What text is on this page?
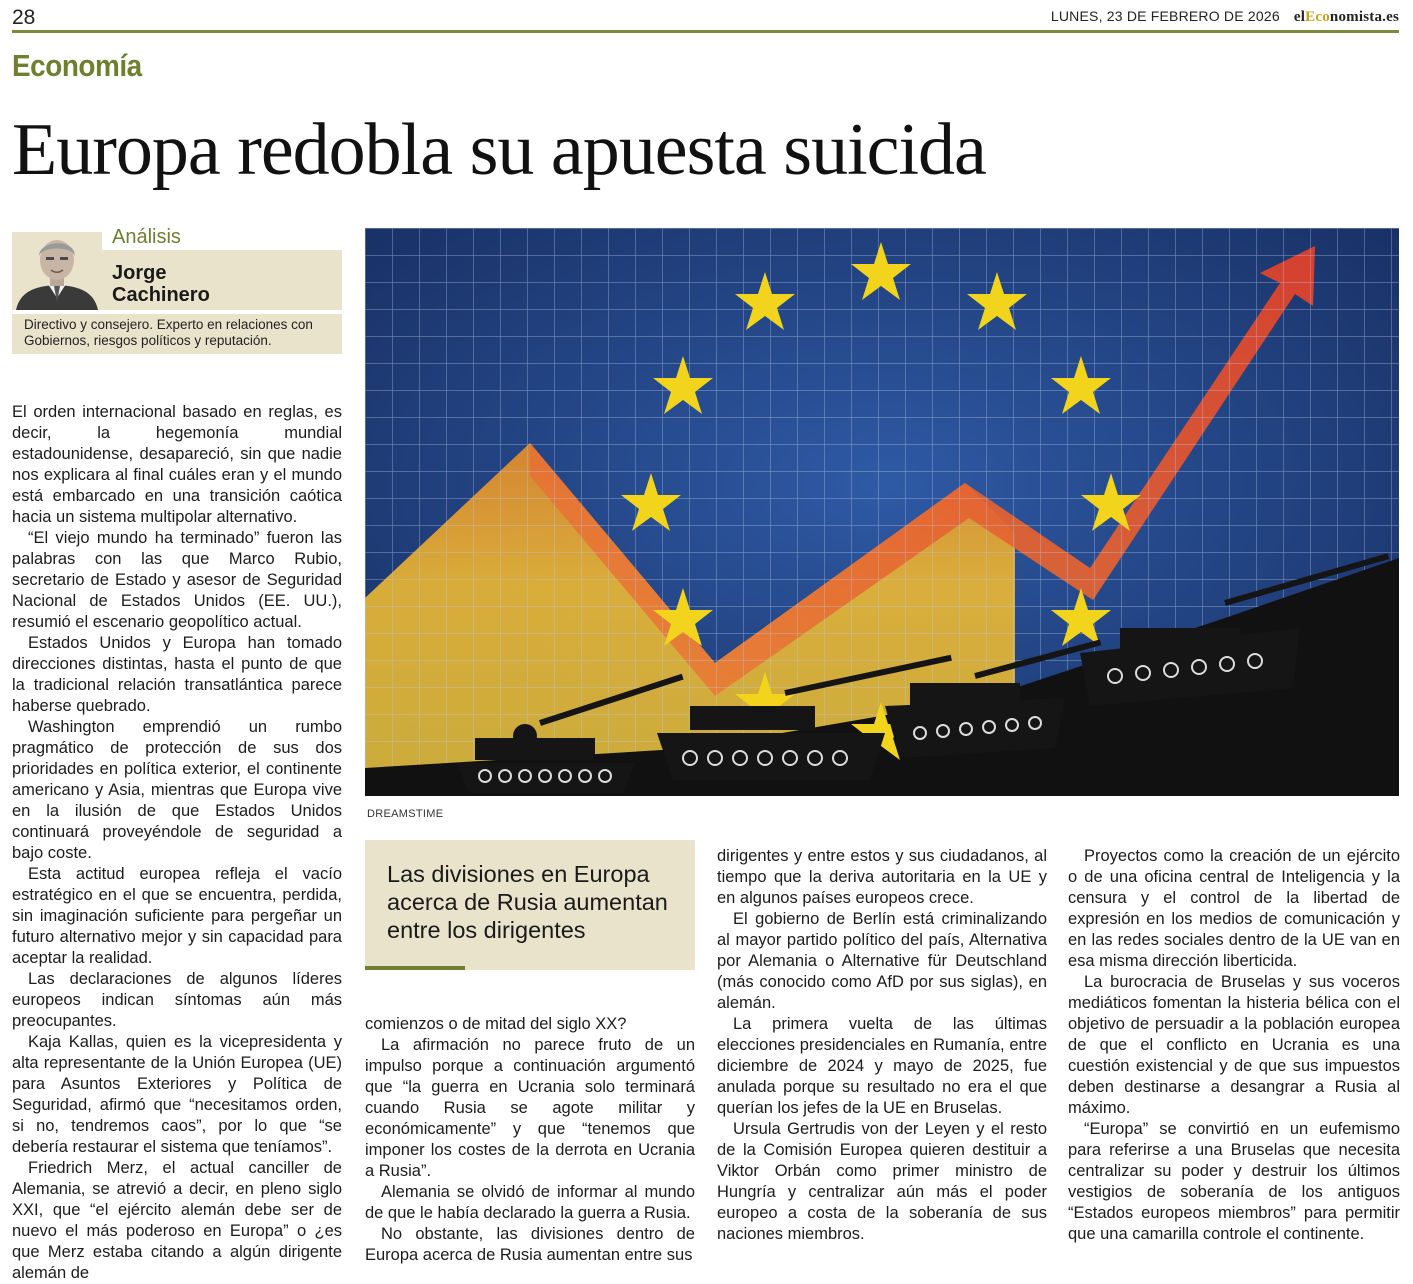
28	LUNES, 23 DE FEBRERO DE 2026 elEconomista.es
Economía
Europa redobla su apuesta suicida
Análisis
Jorge
Cachinero
Directivo y consejero. Experto en relaciones con Gobiernos, riesgos políticos y reputación.
DREAMSTIME
Las divisiones en Europa acerca de Rusia aumentan entre los dirigentes

El orden internacional basado en reglas, es decir, la hegemonía mundial estadounidense, desapareció, sin que nadie nos explicara al final cuáles eran y el mundo está embarcado en una transición caótica hacia un sistema multipolar alternativo.

“El viejo mundo ha terminado” fueron las palabras con las que Marco Rubio, secretario de Estado y asesor de Seguridad Nacional de Estados Unidos (EE. UU.), resumió el escenario geopolítico actual.

Estados Unidos y Europa han tomado direcciones distintas, hasta el punto de que la tradicional relación transatlántica parece haberse quebrado.

Washington emprendió un rumbo pragmático de protección de sus dos prioridades en política exterior, el continente americano y Asia, mientras que Europa vive en la ilusión de que Estados Unidos continuará proveyéndole de seguridad a bajo coste.

Esta actitud europea refleja el vacío estratégico en el que se encuentra, perdida, sin imaginación suficiente para pergeñar un futuro alternativo mejor y sin capacidad para aceptar la realidad.

Las declaraciones de algunos líderes europeos indican síntomas aún más preocupantes.

Kaja Kallas, quien es la vicepresidenta y alta representante de la Unión Europea (UE) para Asuntos Exteriores y Política de Seguridad, afirmó que “necesitamos orden, si no, tendremos caos”, por lo que “se debería restaurar el sistema que teníamos”.

Friedrich Merz, el actual canciller de Alemania, se atrevió a decir, en pleno siglo XXI, que “el ejército alemán debe ser de nuevo el más poderoso en Europa” o ¿es que Merz estaba citando a algún dirigente alemán de

comienzos o de mitad del siglo XX?

La afirmación no parece fruto de un impulso porque a continuación argumentó que “la guerra en Ucrania solo terminará cuando Rusia se agote militar y económicamente” y que “tenemos que imponer los costes de la derrota en Ucrania a Rusia”.

Alemania se olvidó de informar al mundo de que le había declarado la guerra a Rusia.

No obstante, las divisiones dentro de Europa acerca de Rusia aumentan entre sus

dirigentes y entre estos y sus ciudadanos, al tiempo que la deriva autoritaria en la UE y en algunos países europeos crece.

El gobierno de Berlín está criminalizando al mayor partido político del país, Alternativa por Alemania o Alternative für Deutschland (más conocido como AfD por sus siglas), en alemán.

La primera vuelta de las últimas elecciones presidenciales en Rumanía, entre diciembre de 2024 y mayo de 2025, fue anulada porque su resultado no era el que querían los jefes de la UE en Bruselas.

Ursula Gertrudis von der Leyen y el resto de la Comisión Europea quieren destituir a Viktor Orbán como primer ministro de Hungría y centralizar aún más el poder europeo a costa de la soberanía de sus naciones miembros.

Proyectos como la creación de un ejército o de una oficina central de Inteligencia y la censura y el control de la libertad de expresión en los medios de comunicación y en las redes sociales dentro de la UE van en esa misma dirección liberticida.

La burocracia de Bruselas y sus voceros mediáticos fomentan la histeria bélica con el objetivo de persuadir a la población europea de que el conflicto en Ucrania es una cuestión existencial y de que sus impuestos deben destinarse a desangrar a Rusia al máximo.

“Europa” se convirtió en un eufemismo para referirse a una Bruselas que necesita centralizar su poder y destruir los últimos vestigios de soberanía de los antiguos “Estados europeos miembros” para permitir que una camarilla controle el continente.
